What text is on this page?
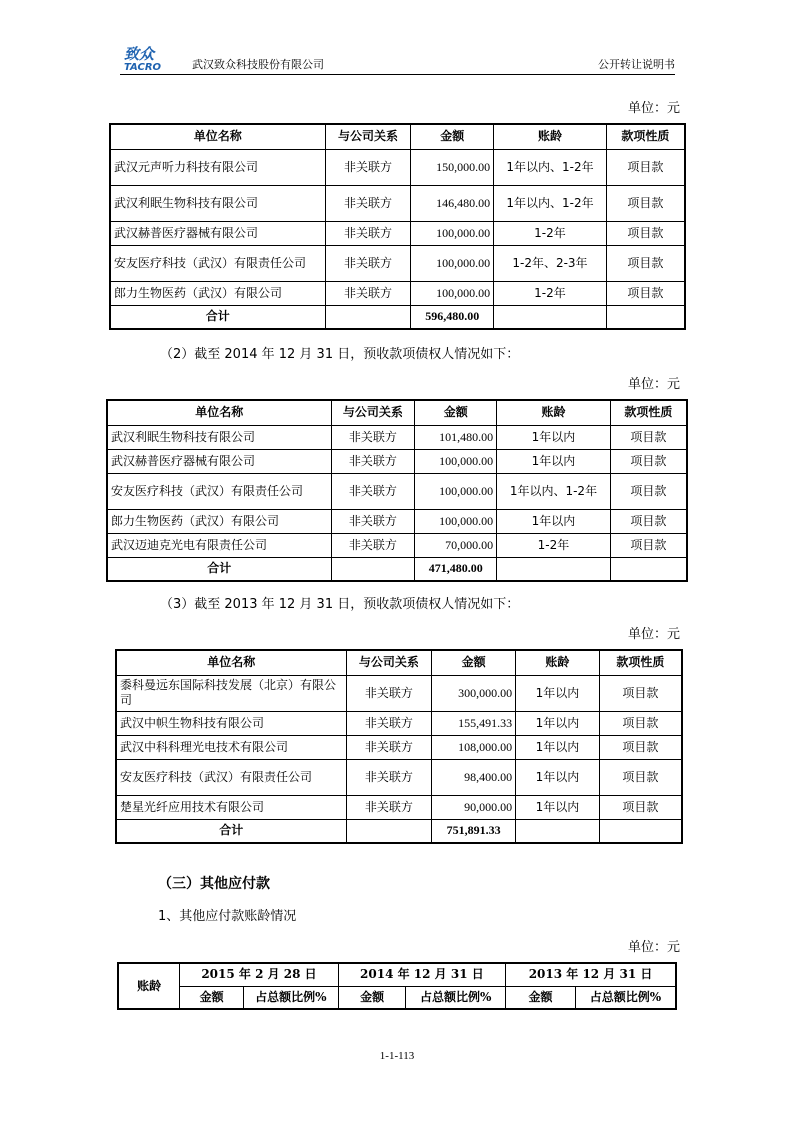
致众
TACRO	武汉致众科技股份有限公司	公开转让说明书
单位：元
单位名称	与公司关系	金额	账龄	款项性质
武汉元声听力科技有限公司	非关联方	150,000.00	1年以内、1-2年	项目款
武汉利眠生物科技有限公司	非关联方	146,480.00	1年以内、1-2年	项目款
武汉赫普医疗器械有限公司	非关联方	100,000.00	1-2年	项目款
安友医疗科技（武汉）有限责任公司	非关联方	100,000.00	1-2年、2-3年	项目款
郎力生物医药（武汉）有限公司	非关联方	100,000.00	1-2年	项目款
合计		596,480.00		
（2）截至 2014 年 12 月 31 日，预收款项债权人情况如下：
单位：元
单位名称	与公司关系	金额	账龄	款项性质
武汉利眠生物科技有限公司	非关联方	101,480.00	1年以内	项目款
武汉赫普医疗器械有限公司	非关联方	100,000.00	1年以内	项目款
安友医疗科技（武汉）有限责任公司	非关联方	100,000.00	1年以内、1-2年	项目款
郎力生物医药（武汉）有限公司	非关联方	100,000.00	1年以内	项目款
武汉迈迪克光电有限责任公司	非关联方	70,000.00	1-2年	项目款
合计		471,480.00		
（3）截至 2013 年 12 月 31 日，预收款项债权人情况如下：
单位：元
单位名称	与公司关系	金额	账龄	款项性质
黍科曼远东国际科技发展（北京）有限公司	非关联方	300,000.00	1年以内	项目款
武汉中帜生物科技有限公司	非关联方	155,491.33	1年以内	项目款
武汉中科科理光电技术有限公司	非关联方	108,000.00	1年以内	项目款
安友医疗科技（武汉）有限责任公司	非关联方	98,400.00	1年以内	项目款
楚星光纤应用技术有限公司	非关联方	90,000.00	1年以内	项目款
合计		751,891.33		
（三）其他应付款
1、其他应付款账龄情况
单位：元
账龄	2015 年 2 月 28 日		2014 年 12 月 31 日		2013 年 12 月 31 日	
	金额	占总额比例%	金额	占总额比例%	金额	占总额比例%
1-1-113
